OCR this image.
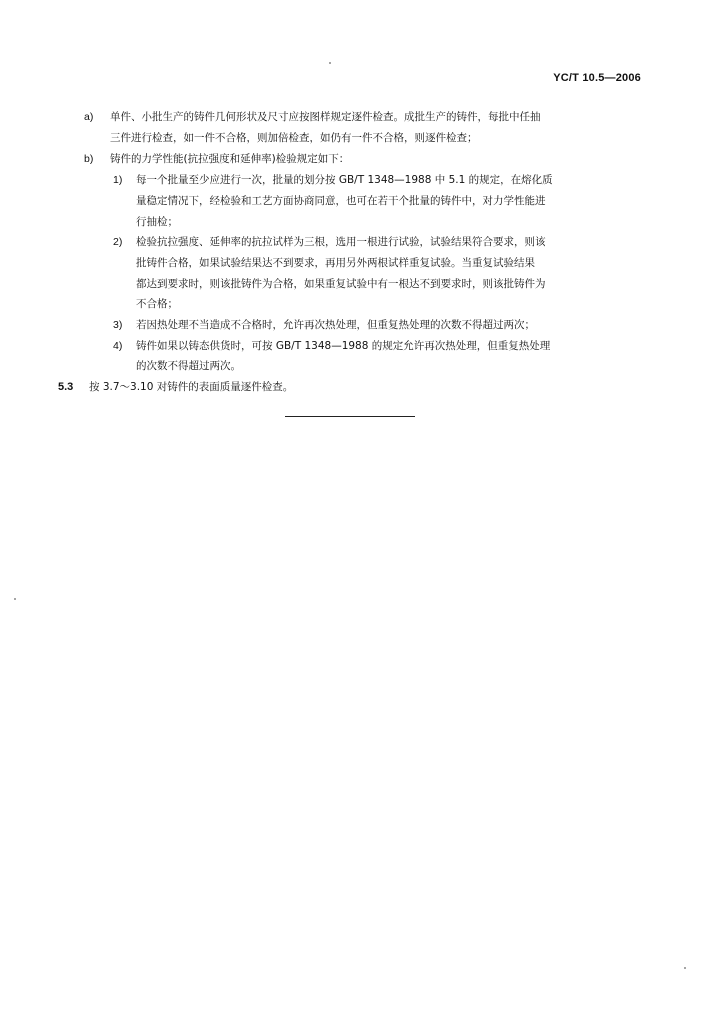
YC/T 10.5—2006
a) 单件、小批生产的铸件几何形状及尺寸应按图样规定逐件检查。成批生产的铸件，每批中任抽
三件进行检查，如一件不合格，则加倍检查，如仍有一件不合格，则逐件检查；
b) 铸件的力学性能(抗拉强度和延伸率)检验规定如下：
1) 每一个批量至少应进行一次，批量的划分按 GB/T 1348—1988 中 5.1 的规定，在熔化质
量稳定情况下，经检验和工艺方面协商同意，也可在若干个批量的铸件中，对力学性能进
行抽检；
2) 检验抗拉强度、延伸率的抗拉试样为三根，选用一根进行试验，试验结果符合要求，则该
批铸件合格，如果试验结果达不到要求，再用另外两根试样重复试验。当重复试验结果
都达到要求时，则该批铸件为合格，如果重复试验中有一根达不到要求时，则该批铸件为
不合格；
3) 若因热处理不当造成不合格时，允许再次热处理，但重复热处理的次数不得超过两次；
4) 铸件如果以铸态供货时，可按 GB/T 1348—1988 的规定允许再次热处理，但重复热处理
的次数不得超过两次。
5.3 按 3.7～3.10 对铸件的表面质量逐件检查。
